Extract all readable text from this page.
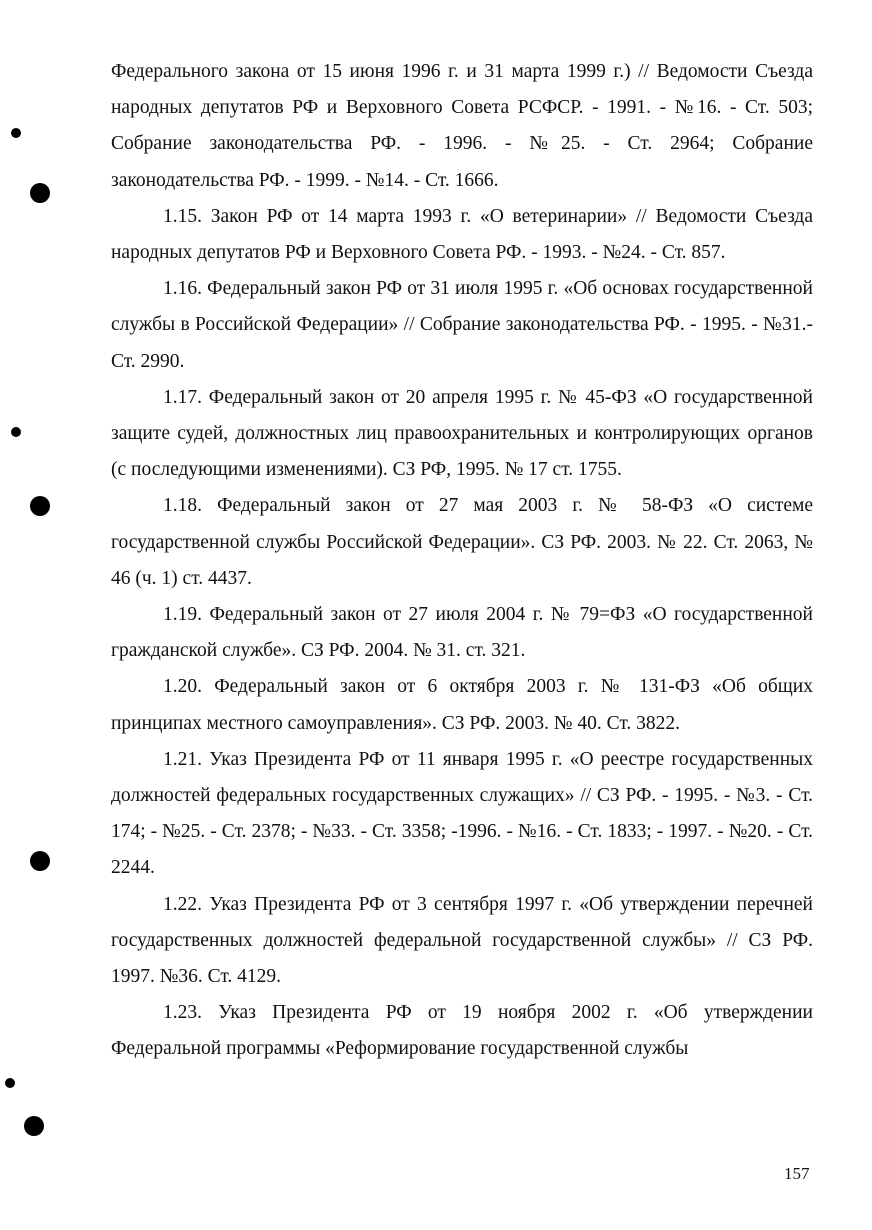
Федерального закона от 15 июня 1996 г. и 31 марта 1999 г.) // Ведомости Съезда народных депутатов РФ и Верховного Совета РСФСР. - 1991. - №16. - Ст. 503; Собрание законодательства РФ. - 1996. - №25. - Ст. 2964; Собрание законодательства РФ. - 1999. - №14. - Ст. 1666.

1.15. Закон РФ от 14 марта 1993 г. «О ветеринарии» // Ведомости Съезда народных депутатов РФ и Верховного Совета РФ. - 1993. - №24. - Ст. 857.

1.16. Федеральный закон РФ от 31 июля 1995 г. «Об основах государственной службы в Российской Федерации» // Собрание законодательства РФ. - 1995. - №31.-Ст. 2990.

1.17. Федеральный закон от 20 апреля 1995 г. № 45-ФЗ «О государственной защите судей, должностных лиц правоохранительных и контролирующих органов (с последующими изменениями). СЗ РФ, 1995. № 17 ст. 1755.

1.18. Федеральный закон от 27 мая 2003 г. № 58-ФЗ «О системе государственной службы Российской Федерации». СЗ РФ. 2003. № 22. Ст. 2063, № 46 (ч. 1) ст. 4437.

1.19. Федеральный закон от 27 июля 2004 г. № 79=ФЗ «О государственной гражданской службе». СЗ РФ. 2004. № 31. ст. 321.

1.20. Федеральный закон от 6 октября 2003 г. № 131-ФЗ «Об общих принципах местного самоуправления». СЗ РФ. 2003. № 40. Ст. 3822.

1.21. Указ Президента РФ от 11 января 1995 г. «О реестре государственных должностей федеральных государственных служащих» // СЗ РФ. - 1995. - №3. - Ст. 174; - №25. - Ст. 2378; - №33. - Ст. 3358; -1996. - №16. - Ст. 1833; - 1997. - №20. - Ст. 2244.

1.22. Указ Президента РФ от 3 сентября 1997 г. «Об утверждении перечней государственных должностей федеральной государственной службы» // СЗ РФ. 1997. №36. Ст. 4129.

1.23. Указ Президента РФ от 19 ноября 2002 г. «Об утверждении Федеральной программы «Реформирование государственной службы

157
